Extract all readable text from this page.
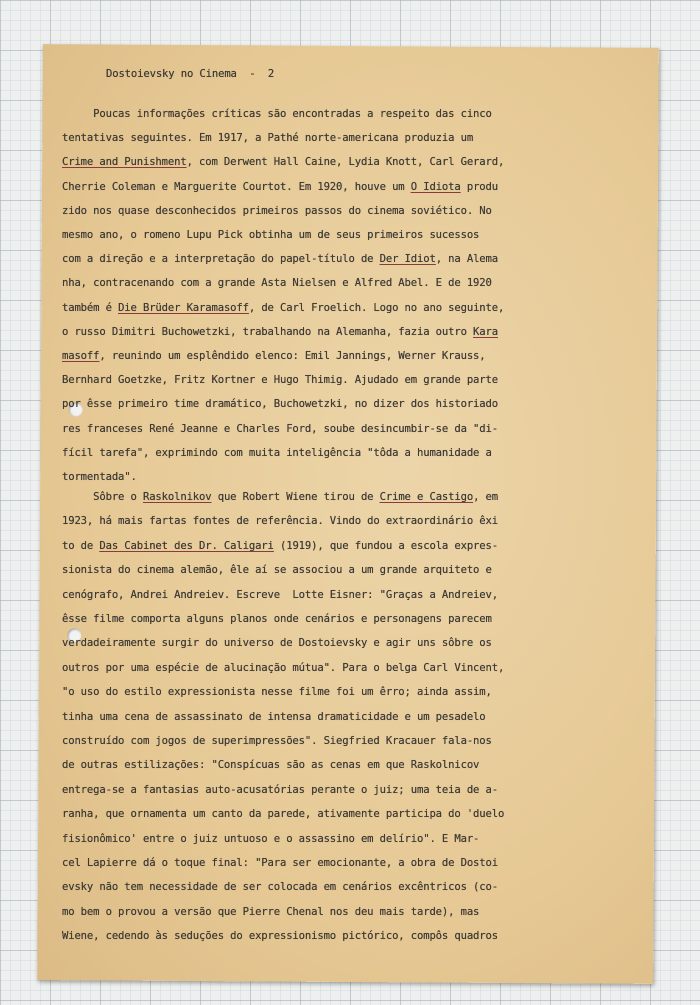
Dostoievsky no Cinema  -  2
Poucas informações críticas são encontradas a respeito das cinco
tentativas seguintes. Em 1917, a Pathé norte-americana produzia um
Crime and Punishment, com Derwent Hall Caine, Lydia Knott, Carl Gerard,
Cherrie Coleman e Marguerite Courtot. Em 1920, houve um O Idiota produ
zido nos quase desconhecidos primeiros passos do cinema soviético. No
mesmo ano, o romeno Lupu Pick obtinha um de seus primeiros sucessos
com a direção e a interpretação do papel-título de Der Idiot, na Alema
nha, contracenando com a grande Asta Nielsen e Alfred Abel. E de 1920
também é Die Brüder Karamasoff, de Carl Froelich. Logo no ano seguinte,
o russo Dimitri Buchowetzki, trabalhando na Alemanha, fazia outro Kara
masoff, reunindo um esplêndido elenco: Emil Jannings, Werner Krauss,
Bernhard Goetzke, Fritz Kortner e Hugo Thimig. Ajudado em grande parte
por êsse primeiro time dramático, Buchowetzki, no dizer dos historiado
res franceses René Jeanne e Charles Ford, soube desincumbir-se da "di-
fícil tarefa", exprimindo com muita inteligência "tôda a humanidade a
tormentada".
Sôbre o Raskolnikov que Robert Wiene tirou de Crime e Castigo, em
1923, há mais fartas fontes de referência. Vindo do extraordinário êxi
to de Das Cabinet des Dr. Caligari (1919), que fundou a escola expres-
sionista do cinema alemão, êle aí se associou a um grande arquiteto e
cenógrafo, Andrei Andreiev. Escreve  Lotte Eisner: "Graças a Andreiev,
êsse filme comporta alguns planos onde cenários e personagens parecem
verdadeiramente surgir do universo de Dostoievsky e agir uns sôbre os
outros por uma espécie de alucinação mútua". Para o belga Carl Vincent,
"o uso do estilo expressionista nesse filme foi um êrro; ainda assim,
tinha uma cena de assassinato de intensa dramaticidade e um pesadelo
construído com jogos de superimpressões". Siegfried Kracauer fala-nos
de outras estilizações: "Conspícuas são as cenas em que Raskolnicov
entrega-se a fantasias auto-acusatórias perante o juiz; uma teia de a-
ranha, que ornamenta um canto da parede, ativamente participa do 'duelo
fisionômico' entre o juiz untuoso e o assassino em delírio". E Mar-
cel Lapierre dá o toque final: "Para ser emocionante, a obra de Dostoi
evsky não tem necessidade de ser colocada em cenários excêntricos (co-
mo bem o provou a versão que Pierre Chenal nos deu mais tarde), mas
Wiene, cedendo às seduções do expressionismo pictórico, compôs quadros
